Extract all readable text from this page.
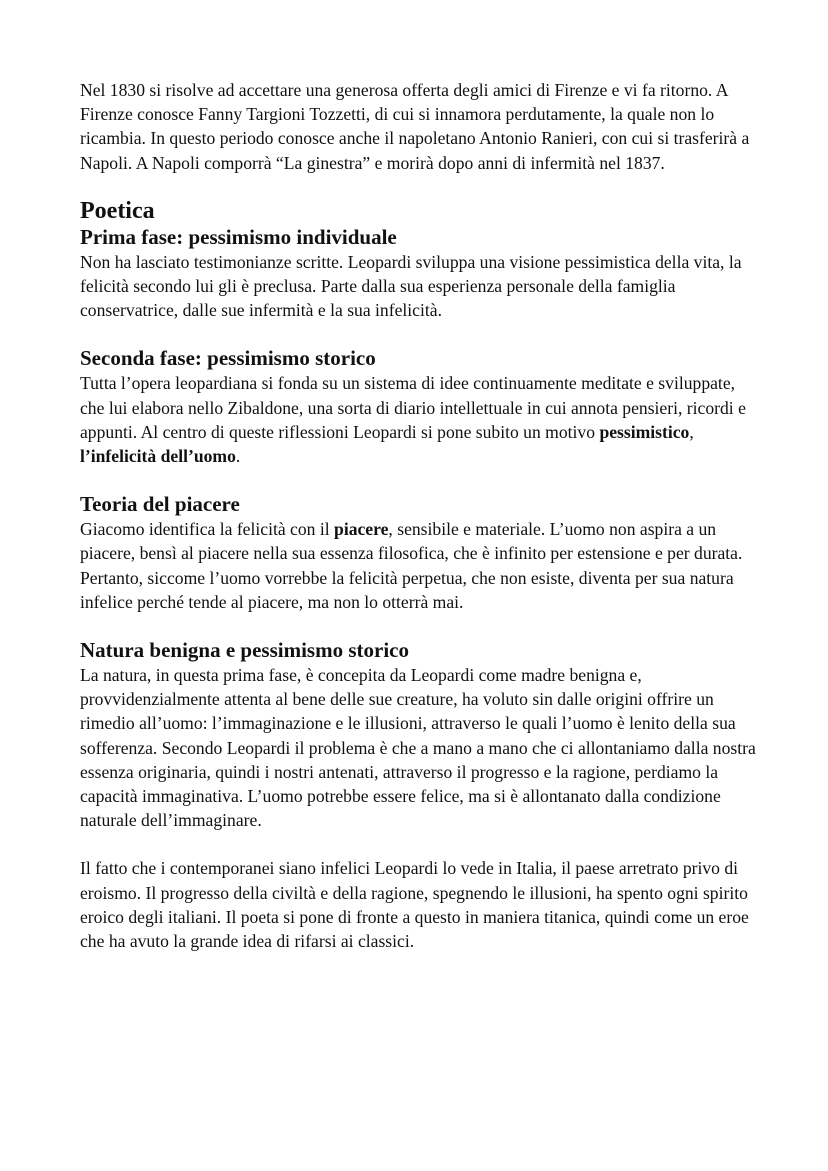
Nel 1830 si risolve ad accettare una generosa offerta degli amici di Firenze e vi fa ritorno. A Firenze conosce Fanny Targioni Tozzetti, di cui si innamora perdutamente, la quale non lo ricambia. In questo periodo conosce anche il napoletano Antonio Ranieri, con cui si trasferirà a Napoli. A Napoli comporrà “La ginestra” e morirà dopo anni di infermità nel 1837.

Poetica
Prima fase: pessimismo individuale

Non ha lasciato testimonianze scritte. Leopardi sviluppa una visione pessimistica della vita, la felicità secondo lui gli è preclusa. Parte dalla sua esperienza personale della famiglia conservatrice, dalle sue infermità e la sua infelicità.

Seconda fase: pessimismo storico

Tutta l’opera leopardiana si fonda su un sistema di idee continuamente meditate e sviluppate, che lui elabora nello Zibaldone, una sorta di diario intellettuale in cui annota pensieri, ricordi e appunti. Al centro di queste riflessioni Leopardi si pone subito un motivo pessimistico, l’infelicità dell’uomo.

Teoria del piacere

Giacomo identifica la felicità con il piacere, sensibile e materiale. L’uomo non aspira a un piacere, bensì al piacere nella sua essenza filosofica, che è infinito per estensione e per durata. Pertanto, siccome l’uomo vorrebbe la felicità perpetua, che non esiste, diventa per sua natura infelice perché tende al piacere, ma non lo otterrà mai.

Natura benigna e pessimismo storico

La natura, in questa prima fase, è concepita da Leopardi come madre benigna e, provvidenzialmente attenta al bene delle sue creature, ha voluto sin dalle origini offrire un rimedio all’uomo: l’immaginazione e le illusioni, attraverso le quali l’uomo è lenito della sua sofferenza. Secondo Leopardi il problema è che a mano a mano che ci allontaniamo dalla nostra essenza originaria, quindi i nostri antenati, attraverso il progresso e la ragione, perdiamo la capacità immaginativa. L’uomo potrebbe essere felice, ma si è allontanato dalla condizione naturale dell’immaginare.

Il fatto che i contemporanei siano infelici Leopardi lo vede in Italia, il paese arretrato privo di eroismo. Il progresso della civiltà e della ragione, spegnendo le illusioni, ha spento ogni spirito eroico degli italiani. Il poeta si pone di fronte a questo in maniera titanica, quindi come un eroe che ha avuto la grande idea di rifarsi ai classici.
